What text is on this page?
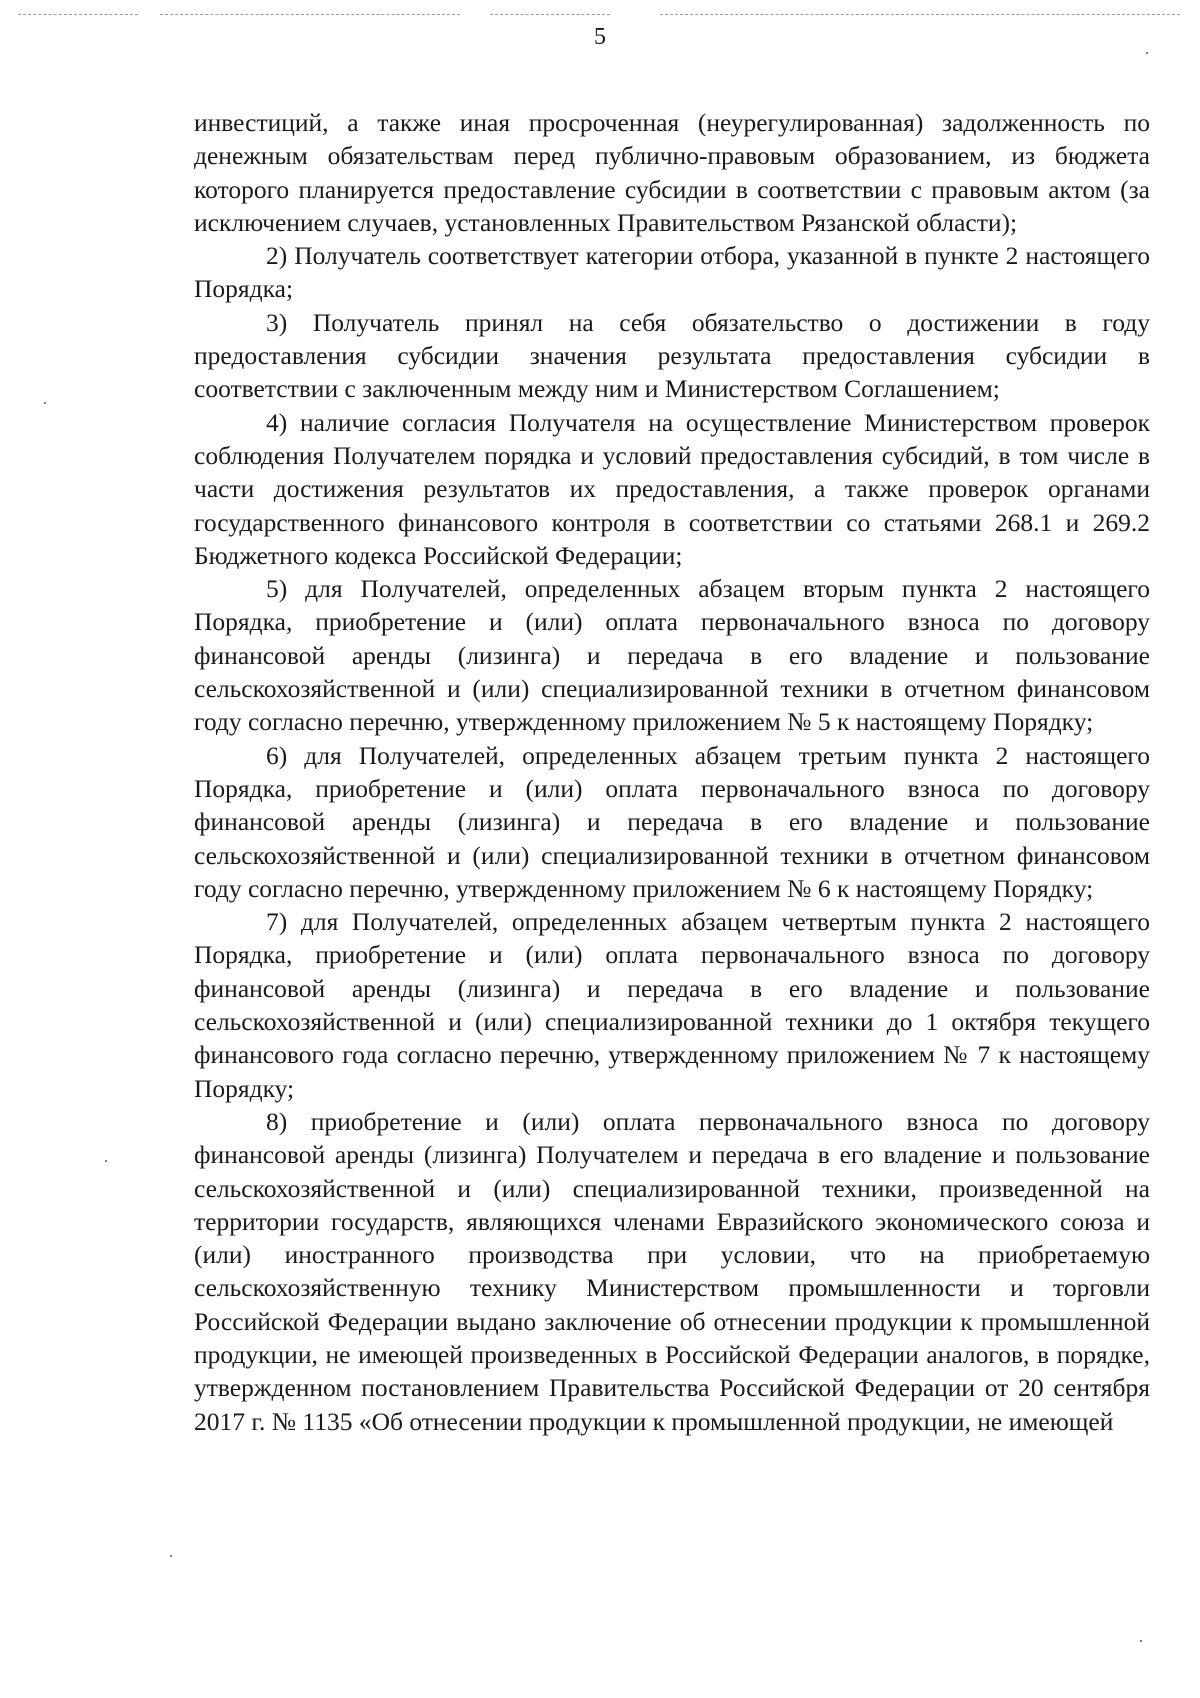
5

инвестиций, а также иная просроченная (неурегулированная) задолженность по денежным обязательствам перед публично-правовым образованием, из бюджета которого планируется предоставление субсидии в соответствии с правовым актом (за исключением случаев, установленных Правительством Рязанской области);

2) Получатель соответствует категории отбора, указанной в пункте 2 настоящего Порядка;

3) Получатель принял на себя обязательство о достижении в году предоставления субсидии значения результата предоставления субсидии в соответствии с заключенным между ним и Министерством Соглашением;

4) наличие согласия Получателя на осуществление Министерством проверок соблюдения Получателем порядка и условий предоставления субсидий, в том числе в части достижения результатов их предоставления, а также проверок органами государственного финансового контроля в соответствии со статьями 268.1 и 269.2 Бюджетного кодекса Российской Федерации;

5) для Получателей, определенных абзацем вторым пункта 2 настоящего Порядка, приобретение и (или) оплата первоначального взноса по договору финансовой аренды (лизинга) и передача в его владение и пользование сельскохозяйственной и (или) специализированной техники в отчетном финансовом году согласно перечню, утвержденному приложением № 5 к настоящему Порядку;

6) для Получателей, определенных абзацем третьим пункта 2 настоящего Порядка, приобретение и (или) оплата первоначального взноса по договору финансовой аренды (лизинга) и передача в его владение и пользование сельскохозяйственной и (или) специализированной техники в отчетном финансовом году согласно перечню, утвержденному приложением № 6 к настоящему Порядку;

7) для Получателей, определенных абзацем четвертым пункта 2 настоящего Порядка, приобретение и (или) оплата первоначального взноса по договору финансовой аренды (лизинга) и передача в его владение и пользование сельскохозяйственной и (или) специализированной техники до 1 октября текущего финансового года согласно перечню, утвержденному приложением № 7 к настоящему Порядку;

8) приобретение и (или) оплата первоначального взноса по договору финансовой аренды (лизинга) Получателем и передача в его владение и пользование сельскохозяйственной и (или) специализированной техники, произведенной на территории государств, являющихся членами Евразийского экономического союза и (или) иностранного производства при условии, что на приобретаемую сельскохозяйственную технику Министерством промышленности и торговли Российской Федерации выдано заключение об отнесении продукции к промышленной продукции, не имеющей произведенных в Российской Федерации аналогов, в порядке, утвержденном постановлением Правительства Российской Федерации от 20 сентября 2017 г. № 1135 «Об отнесении продукции к промышленной продукции, не имеющей
